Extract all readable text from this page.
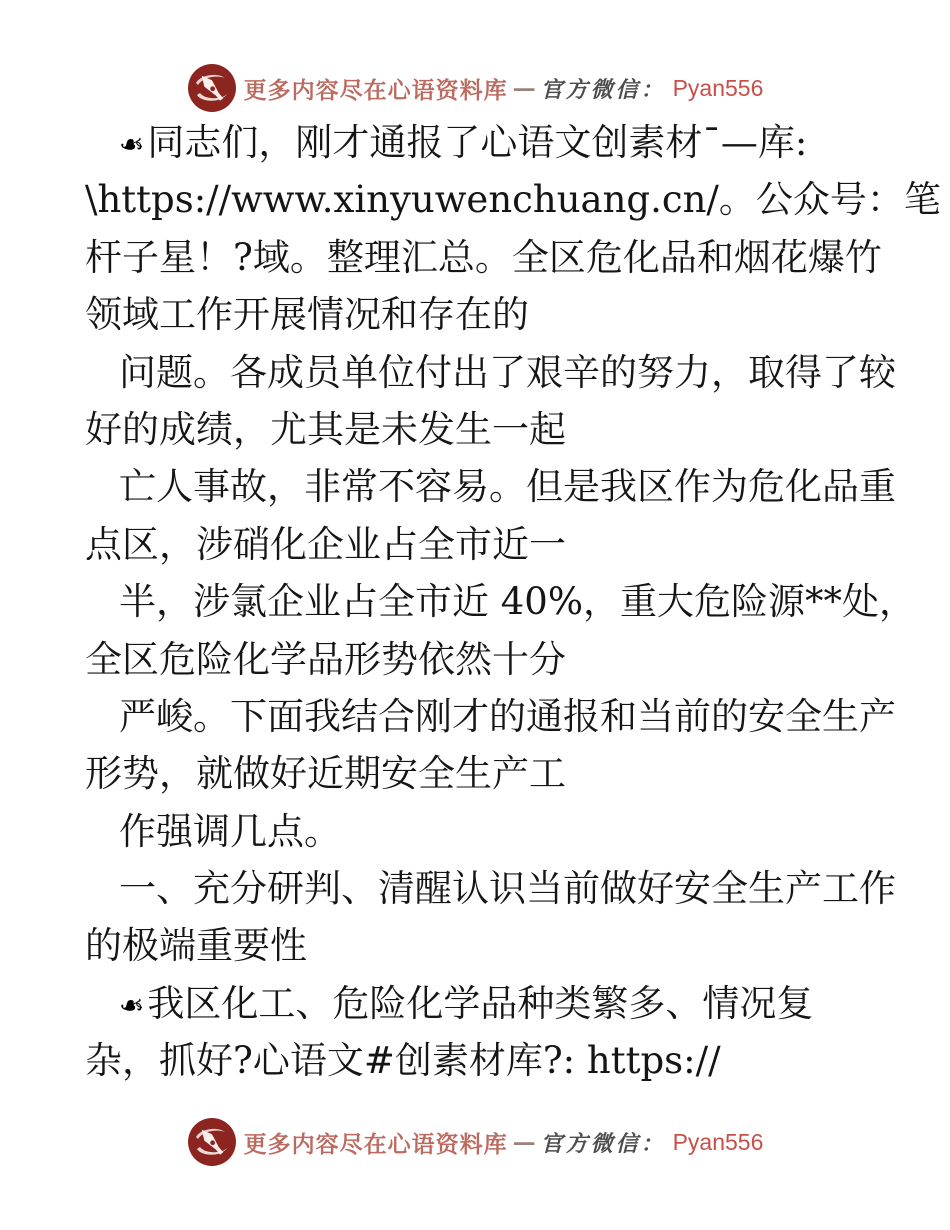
更多内容尽在心语资料库 — 官方微信： Pyan556
❧同志们，刚才通报了心语文创素材¯—库:
\https://www.xinyuwenchuang.cn/。公众号：笔
杆子星！?域。整理汇总。全区危化品和烟花爆竹
领域工作开展情况和存在的
问题。各成员单位付出了艰辛的努力，取得了较
好的成绩，尤其是未发生一起
亡人事故，非常不容易。但是我区作为危化品重
点区，涉硝化企业占全市近一
半，涉氯企业占全市近 40%，重大危险源**处，
全区危险化学品形势依然十分
严峻。下面我结合刚才的通报和当前的安全生产
形势，就做好近期安全生产工
作强调几点。
一、充分研判、清醒认识当前做好安全生产工作
的极端重要性
❧我区化工、危险化学品种类繁多、情况复
杂，抓好?心语文#创素材库?: https://
更多内容尽在心语资料库 — 官方微信： Pyan556
